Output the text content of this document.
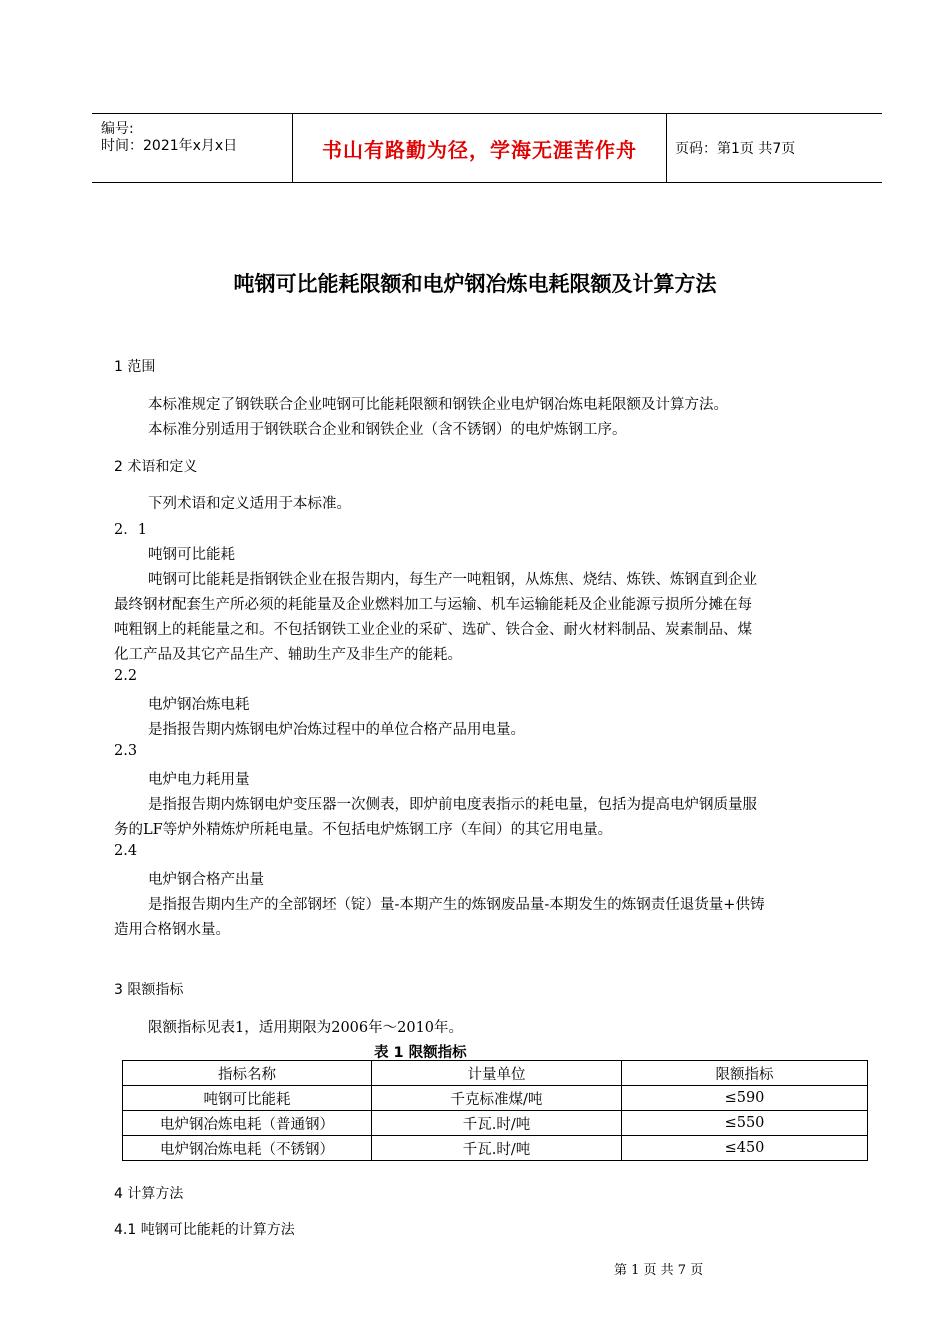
编号:
时间：2021年x月x日	书山有路勤为径，学海无涯苦作舟	页码：第1页 共7页
吨钢可比能耗限额和电炉钢冶炼电耗限额及计算方法
1 范围
本标准规定了钢铁联合企业吨钢可比能耗限额和钢铁企业电炉钢冶炼电耗限额及计算方法。
本标准分别适用于钢铁联合企业和钢铁企业（含不锈钢）的电炉炼钢工序。
2 术语和定义
下列术语和定义适用于本标准。
2．1
吨钢可比能耗
吨钢可比能耗是指钢铁企业在报告期内，每生产一吨粗钢，从炼焦、烧结、炼铁、炼钢直到企业
最终钢材配套生产所必须的耗能量及企业燃料加工与运输、机车运输能耗及企业能源亏损所分摊在每
吨粗钢上的耗能量之和。不包括钢铁工业企业的采矿、选矿、铁合金、耐火材料制品、炭素制品、煤
化工产品及其它产品生产、辅助生产及非生产的能耗。
2.2
电炉钢冶炼电耗
是指报告期内炼钢电炉冶炼过程中的单位合格产品用电量。
2.3
电炉电力耗用量
是指报告期内炼钢电炉变压器一次侧表，即炉前电度表指示的耗电量，包括为提高电炉钢质量服
务的LF等炉外精炼炉所耗电量。不包括电炉炼钢工序（车间）的其它用电量。
2.4
电炉钢合格产出量
是指报告期内生产的全部钢坯（锭）量-本期产生的炼钢废品量-本期发生的炼钢责任退货量+供铸
造用合格钢水量。
3 限额指标
限额指标见表1，适用期限为2006年～2010年。
表 1 限额指标
指标名称	计量单位	限额指标
吨钢可比能耗	千克标准煤/吨	≤590
电炉钢冶炼电耗（普通钢）	千瓦.时/吨	≤550
电炉钢冶炼电耗（不锈钢）	千瓦.时/吨	≤450
4 计算方法
4.1 吨钢可比能耗的计算方法
第 1 页 共 7 页
